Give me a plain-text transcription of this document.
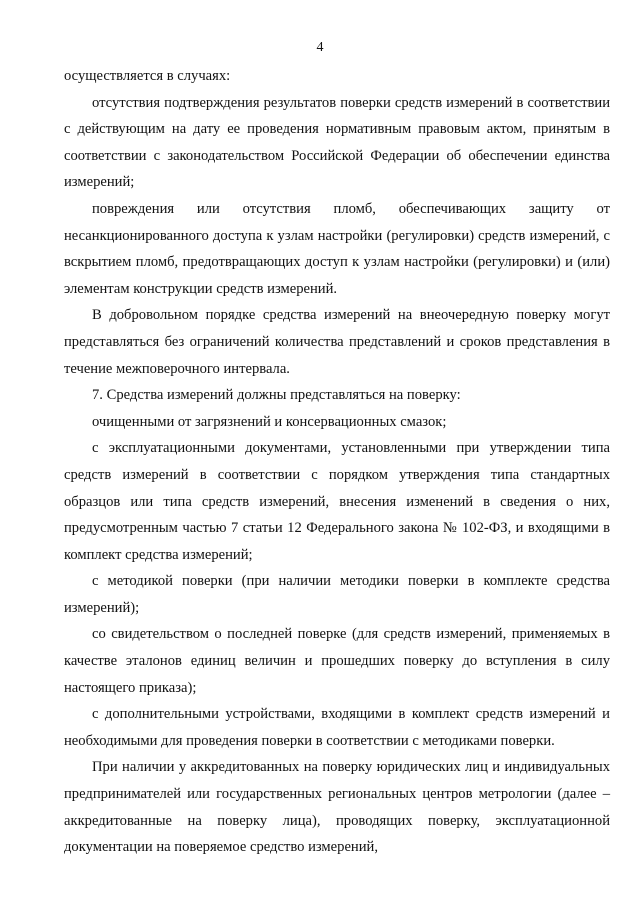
4

осуществляется в случаях:

отсутствия подтверждения результатов поверки средств измерений в соответствии с действующим на дату ее проведения нормативным правовым актом, принятым в соответствии с законодательством Российской Федерации об обеспечении единства измерений;

повреждения или отсутствия пломб, обеспечивающих защиту от несанкционированного доступа к узлам настройки (регулировки) средств измерений, с вскрытием пломб, предотвращающих доступ к узлам настройки (регулировки) и (или) элементам конструкции средств измерений.

В добровольном порядке средства измерений на внеочередную поверку могут представляться без ограничений количества представлений и сроков представления в течение межповерочного интервала.

7. Средства измерений должны представляться на поверку:

очищенными от загрязнений и консервационных смазок;

с эксплуатационными документами, установленными при утверждении типа средств измерений в соответствии с порядком утверждения типа стандартных образцов или типа средств измерений, внесения изменений в сведения о них, предусмотренным частью 7 статьи 12 Федерального закона № 102-ФЗ, и входящими в комплект средства измерений;

с методикой поверки (при наличии методики поверки в комплекте средства измерений);

со свидетельством о последней поверке (для средств измерений, применяемых в качестве эталонов единиц величин и прошедших поверку до вступления в силу настоящего приказа);

с дополнительными устройствами, входящими в комплект средств измерений и необходимыми для проведения поверки в соответствии с методиками поверки.

При наличии у аккредитованных на поверку юридических лиц и индивидуальных предпринимателей или государственных региональных центров метрологии (далее – аккредитованные на поверку лица), проводящих поверку, эксплуатационной документации на поверяемое средство измерений,
